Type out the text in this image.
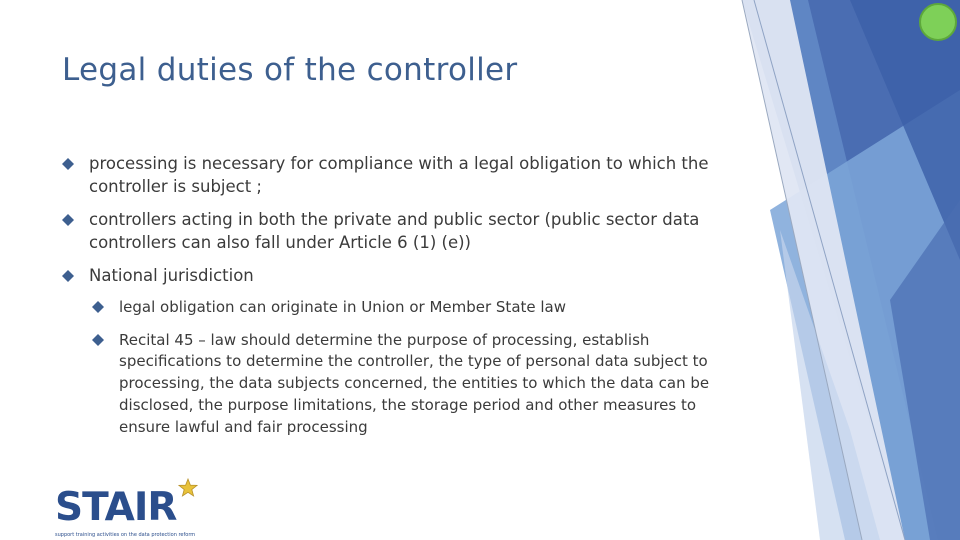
Legal duties of the controller
processing is necessary for compliance with a legal obligation to which the controller is subject ;
controllers acting in both the private and public sector (public sector data controllers can also fall under Article 6 (1) (e))
National jurisdiction
legal obligation can originate in Union or Member State law
Recital 45 – law should determine the purpose of processing, establish specifications to determine the controller, the type of personal data subject to processing, the data subjects concerned, the entities to which the data can be disclosed, the purpose limitations, the storage period and other measures to ensure lawful and fair processing

STAIR

support training activities on the data protection reform
